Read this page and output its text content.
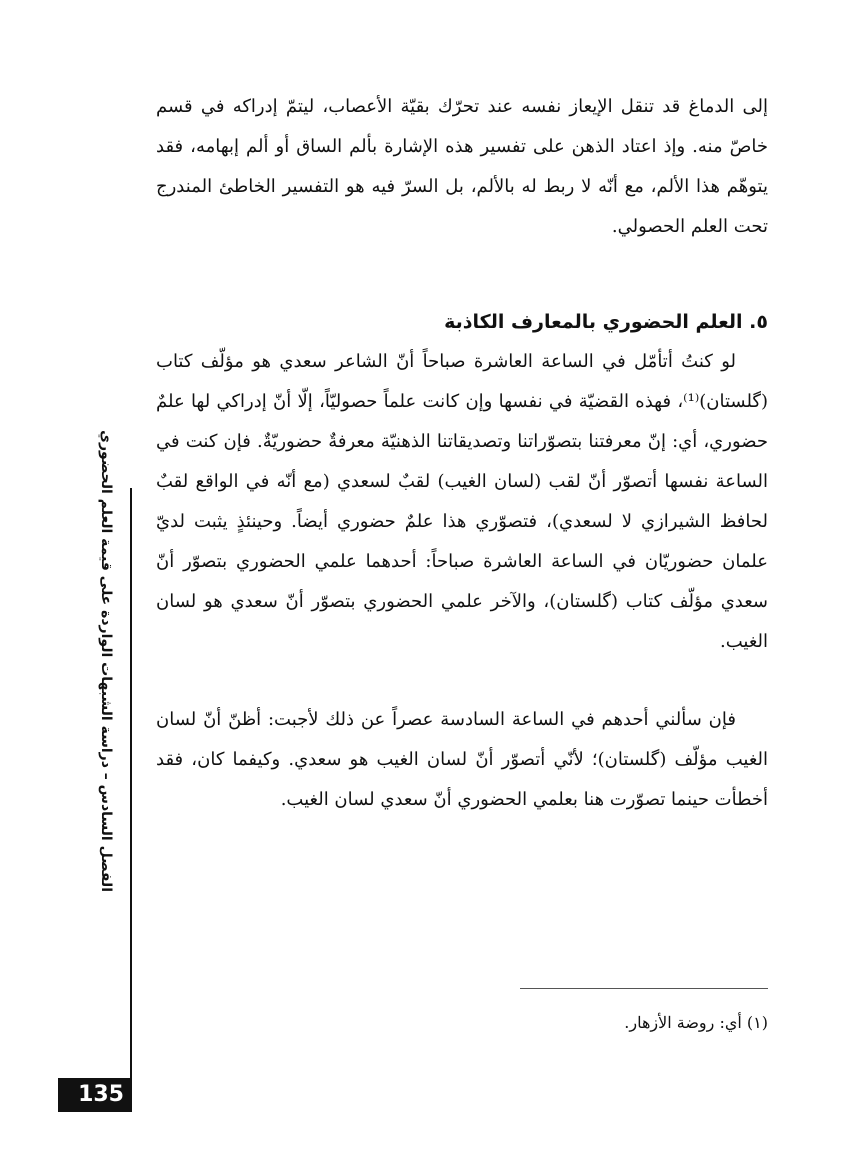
الفصل السادس – دراسة الشبهات الواردة على قيمة العلم الحضوري

إلى الدماغ قد تنقل الإيعاز نفسه عند تحرّك بقيّة الأعصاب، ليتمّ إدراكه في قسم خاصّ منه. وإذ اعتاد الذهن على تفسير هذه الإشارة بألم الساق أو ألم إبهامه، فقد يتوهّم هذا الألم، مع أنّه لا ربط له بالألم، بل السرّ فيه هو التفسير الخاطئ المندرج تحت العلم الحصولي.

٥. العلم الحضوري بالمعارف الكاذبة

لو كنتُ أتأمّل في الساعة العاشرة صباحاً أنّ الشاعر سعدي هو مؤلّف كتاب (گلستان)⁽¹⁾، فهذه القضيّة في نفسها وإن كانت علماً حصوليّاً، إلّا أنّ إدراكي لها علمٌ حضوري، أي: إنّ معرفتنا بتصوّراتنا وتصديقاتنا الذهنيّة معرفةٌ حضوريّةٌ. فإن كنت في الساعة نفسها أتصوّر أنّ لقب (لسان الغيب) لقبٌ لسعدي (مع أنّه في الواقع لقبٌ لحافظ الشيرازي لا لسعدي)، فتصوّري هذا علمٌ حضوري أيضاً. وحينئذٍ يثبت لديّ علمان حضوريّان في الساعة العاشرة صباحاً: أحدهما علمي الحضوري بتصوّر أنّ سعدي مؤلّف كتاب (گلستان)، والآخر علمي الحضوري بتصوّر أنّ سعدي هو لسان الغيب.

فإن سألني أحدهم في الساعة السادسة عصراً عن ذلك لأجبت: أظنّ أنّ لسان الغيب مؤلّف (گلستان)؛ لأنّي أتصوّر أنّ لسان الغيب هو سعدي. وكيفما كان، فقد أخطأت حينما تصوّرت هنا بعلمي الحضوري أنّ سعدي لسان الغيب.

(١) أي: روضة الأزهار.
135
